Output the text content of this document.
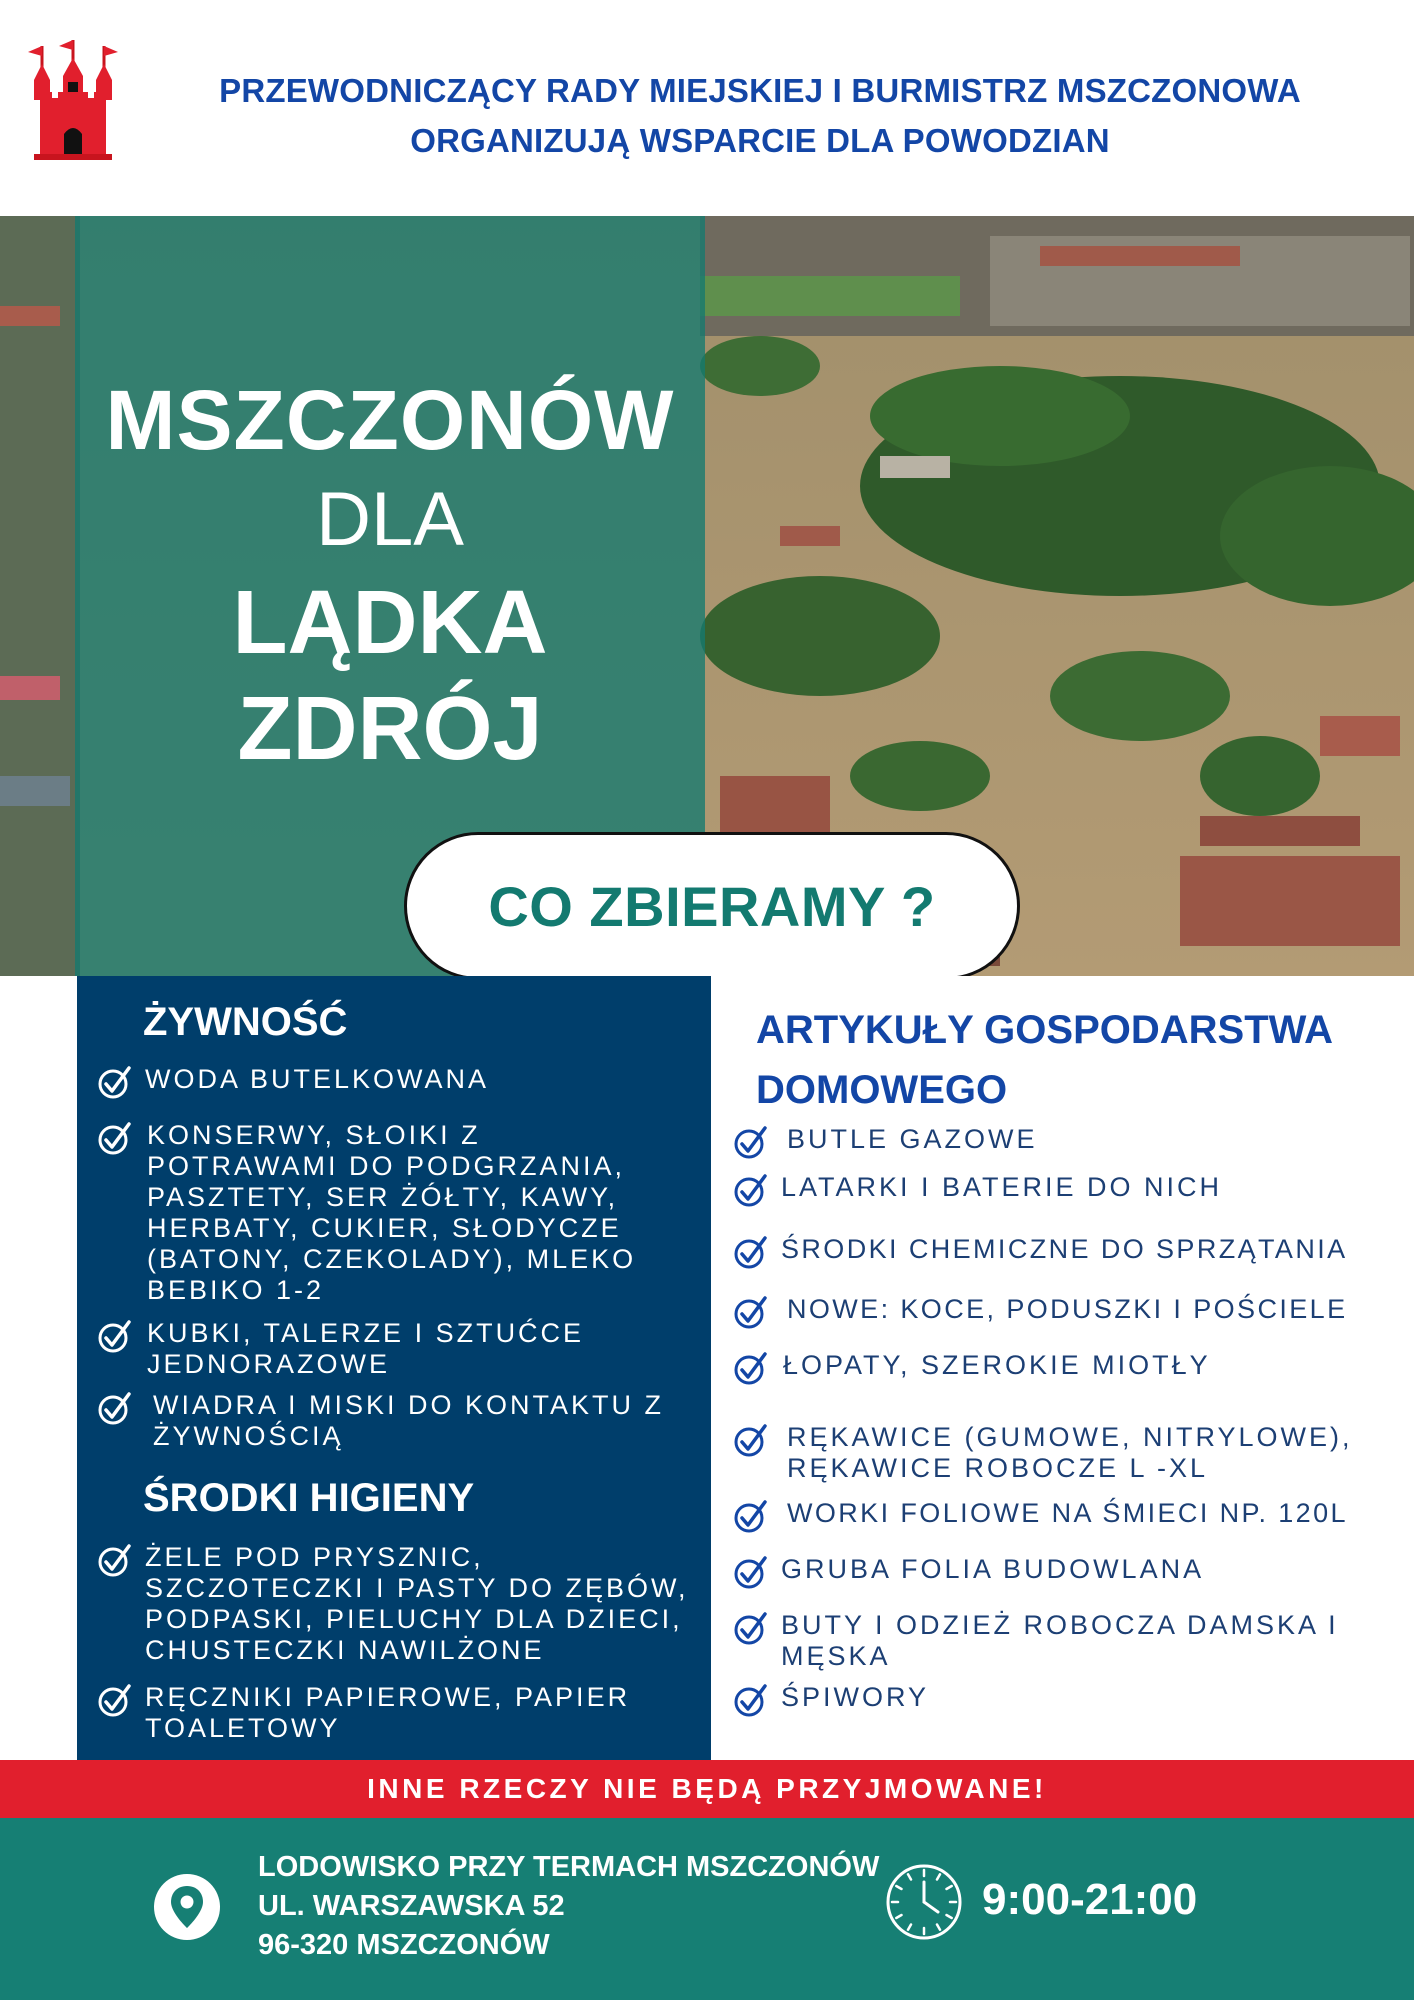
PRZEWODNICZĄCY RADY MIEJSKIEJ I BURMISTRZ MSZCZONOWA
ORGANIZUJĄ WSPARCIE DLA POWODZIAN
MSZCZONÓW
DLA
LĄDKA
ZDRÓJ
CO ZBIERAMY ?
ŻYWNOŚĆ
WODA BUTELKOWANA
KONSERWY, SŁOIKI Z POTRAWAMI DO PODGRZANIA, PASZTETY, SER ŻÓŁTY, KAWY, HERBATY, CUKIER, SŁODYCZE (BATONY, CZEKOLADY), MLEKO BEBIKO 1-2
KUBKI, TALERZE I SZTUĆCE JEDNORAZOWE
WIADRA I MISKI DO KONTAKTU Z ŻYWNOŚCIĄ
ŚRODKI HIGIENY
ŻELE POD PRYSZNIC, SZCZOTECZKI I PASTY DO ZĘBÓW, PODPASKI, PIELUCHY DLA DZIECI, CHUSTECZKI NAWILŻONE
RĘCZNIKI PAPIEROWE, PAPIER TOALETOWY
ARTYKUŁY GOSPODARSTWA
DOMOWEGO
BUTLE GAZOWE
LATARKI I BATERIE DO NICH
ŚRODKI CHEMICZNE DO SPRZĄTANIA
NOWE: KOCE, PODUSZKI I POŚCIELE
ŁOPATY, SZEROKIE MIOTŁY
RĘKAWICE (GUMOWE, NITRYLOWE), RĘKAWICE ROBOCZE L -XL
WORKI FOLIOWE NA ŚMIECI NP. 120L
GRUBA FOLIA BUDOWLANA
BUTY I ODZIEŻ ROBOCZA DAMSKA I MĘSKA
ŚPIWORY
INNE RZECZY NIE BĘDĄ PRZYJMOWANE!
LODOWISKO PRZY TERMACH MSZCZONÓW
UL. WARSZAWSKA 52
96-320 MSZCZONÓW
9:00-21:00
